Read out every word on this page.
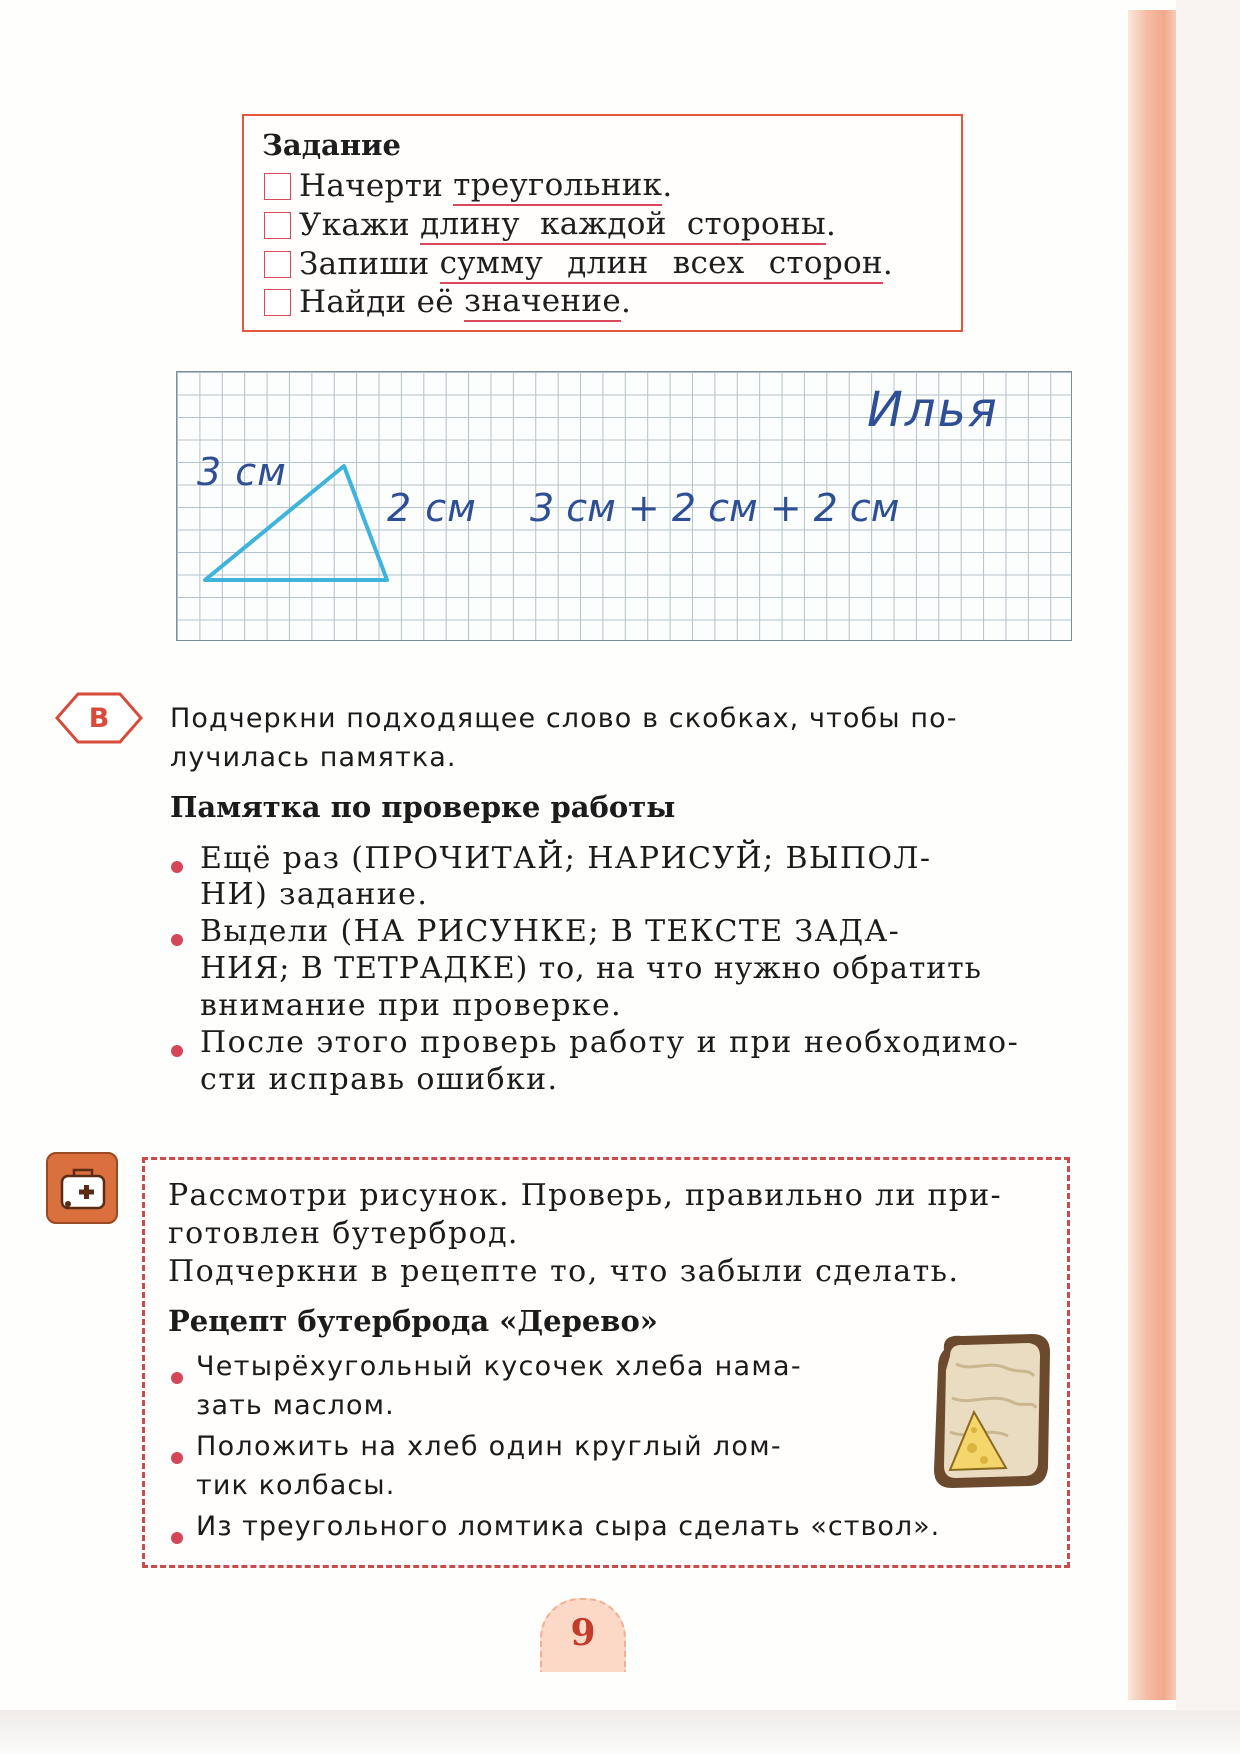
Задание
Начерти треугольник .
Укажи длину каждой стороны .
Запиши сумму длин всех сторон .
Найди её значение .
3 см
2 см 3 см + 2 см + 2 см
Илья
В	Подчеркни подходящее слово в скобках, чтобы по-
лучилась памятка.
Памятка по проверке работы
Ещё раз (ПРОЧИТАЙ; НАРИСУЙ; ВЫПОЛ-
НИ) задание.
Выдели (НА РИСУНКЕ; В ТЕКСТЕ ЗАДА-
НИЯ; В ТЕТРАДКЕ) то, на что нужно обратить
внимание при проверке.
После этого проверь работу и при необходимо-
сти исправь ошибки.
Рассмотри рисунок. Проверь, правильно ли при-
готовлен бутерброд.
Подчеркни в рецепте то, что забыли сделать.
Рецепт бутерброда «Дерево»
Четырёхугольный кусочек хлеба нама-
зать маслом.
Положить на хлеб один круглый лом-
тик колбасы.
Из треугольного ломтика сыра сделать «ствол».
9
